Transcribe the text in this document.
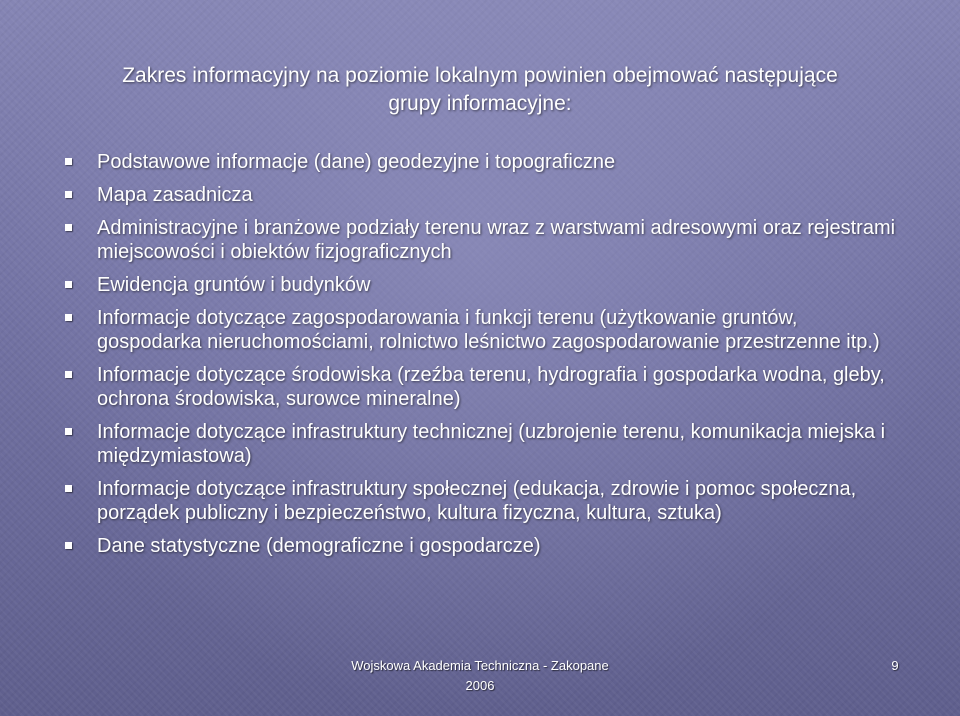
Zakres informacyjny na poziomie lokalnym powinien obejmować następujące
grupy informacyjne:
Podstawowe informacje (dane) geodezyjne i topograficzne
Mapa zasadnicza
Administracyjne i branżowe podziały terenu wraz z warstwami adresowymi oraz rejestrami miejscowości i obiektów fizjograficznych
Ewidencja gruntów i budynków
Informacje dotyczące zagospodarowania i funkcji terenu (użytkowanie gruntów, gospodarka nieruchomościami, rolnictwo leśnictwo zagospodarowanie przestrzenne itp.)
Informacje dotyczące środowiska (rzeźba terenu, hydrografia i gospodarka wodna, gleby, ochrona środowiska, surowce mineralne)
Informacje dotyczące infrastruktury technicznej (uzbrojenie terenu, komunikacja miejska i międzymiastowa)
Informacje dotyczące infrastruktury społecznej (edukacja, zdrowie i pomoc społeczna, porządek publiczny i bezpieczeństwo, kultura fizyczna, kultura, sztuka)
Dane statystyczne (demograficzne i gospodarcze)
Wojskowa Akademia Techniczna - Zakopane
2006
9
